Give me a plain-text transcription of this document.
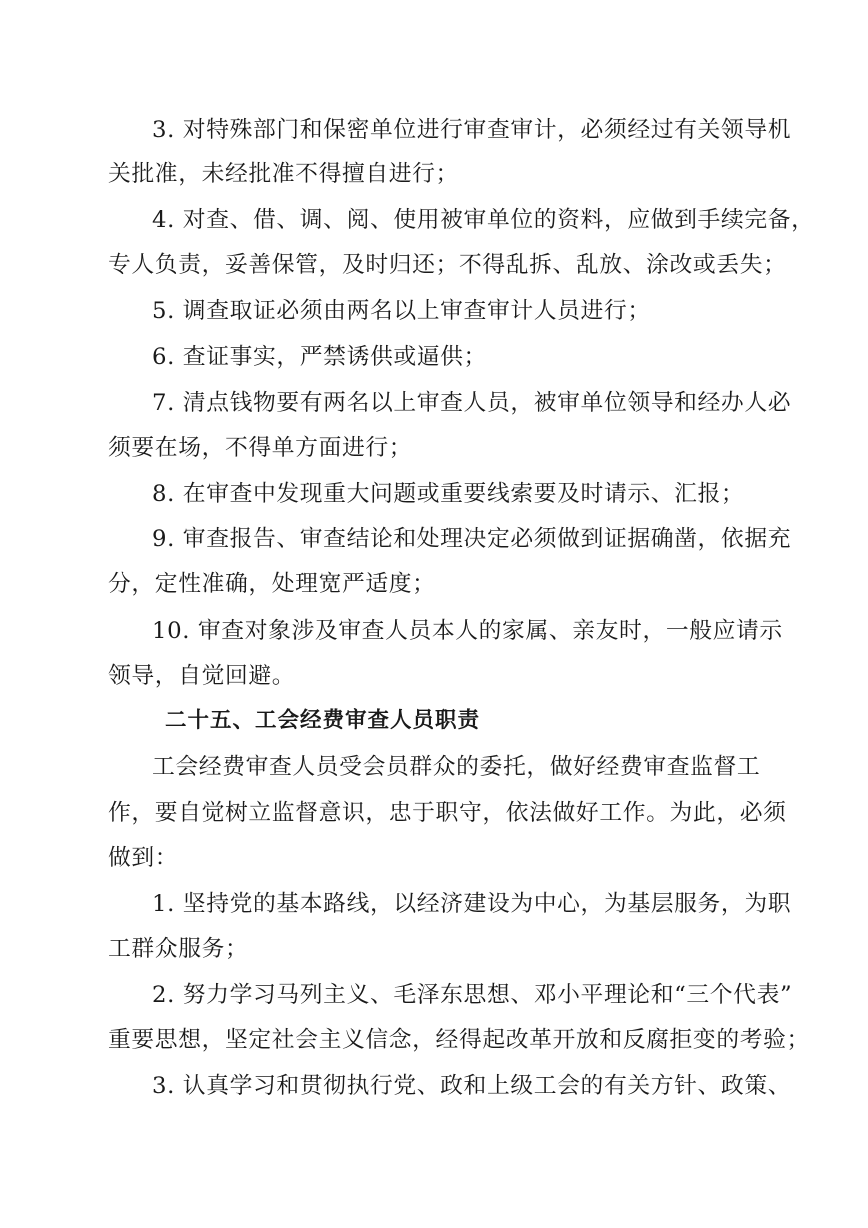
3. 对特殊部门和保密单位进行审查审计，必须经过有关领导机

关批准，未经批准不得擅自进行；

4. 对查、借、调、阅、使用被审单位的资料，应做到手续完备，

专人负责，妥善保管，及时归还；不得乱拆、乱放、涂改或丢失；

5. 调查取证必须由两名以上审查审计人员进行；

6. 查证事实，严禁诱供或逼供；

7. 清点钱物要有两名以上审查人员，被审单位领导和经办人必

须要在场，不得单方面进行；

8. 在审查中发现重大问题或重要线索要及时请示、汇报；

9. 审查报告、审查结论和处理决定必须做到证据确凿，依据充

分，定性准确，处理宽严适度；

10. 审查对象涉及审查人员本人的家属、亲友时，一般应请示

领导，自觉回避。

二十五、工会经费审查人员职责

工会经费审查人员受会员群众的委托，做好经费审查监督工

作，要自觉树立监督意识，忠于职守，依法做好工作。为此，必须

做到：

1. 坚持党的基本路线，以经济建设为中心，为基层服务，为职

工群众服务；

2. 努力学习马列主义、毛泽东思想、邓小平理论和“三个代表”

重要思想，坚定社会主义信念，经得起改革开放和反腐拒变的考验；

3. 认真学习和贯彻执行党、政和上级工会的有关方针、政策、
